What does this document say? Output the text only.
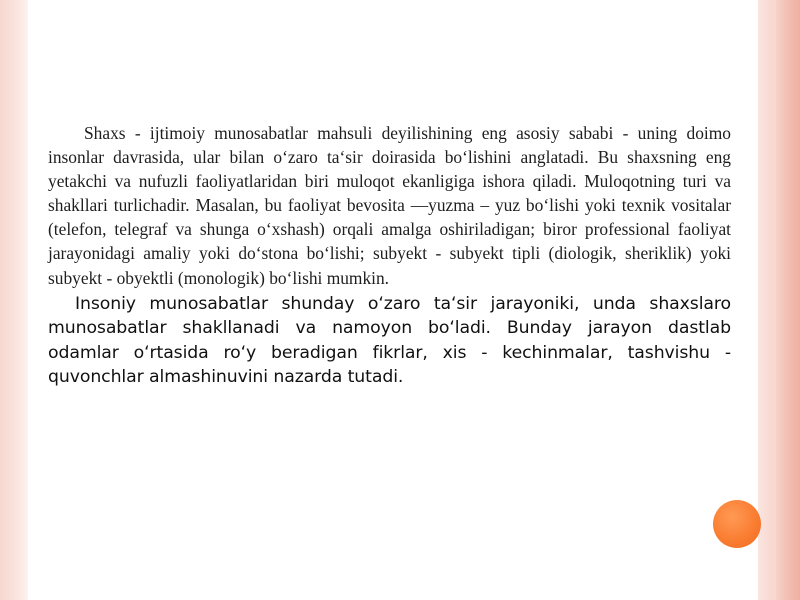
Shaxs - ijtimoiy munosabatlar mahsuli deyilishining eng asosiy sababi - uning doimo insonlar davrasida, ular bilan oʻzaro taʻsir doirasida boʻlishini anglatadi. Bu shaxsning eng yetakchi va nufuzli faoliyatlaridan biri muloqot ekanligiga ishora qiladi. Muloqotning turi va shakllari turlichadir. Masalan, bu faoliyat bevosita —yuzma – yuz boʻlishi yoki texnik vositalar (telefon, telegraf va shunga oʻxshash) orqali amalga oshiriladigan; biror professional faoliyat jarayonidagi amaliy yoki doʻstona boʻlishi; subyekt - subyekt tipli (diologik, sheriklik) yoki subyekt - obyektli (monologik) boʻlishi mumkin.

Insoniy munosabatlar shunday oʻzaro taʻsir jarayoniki, unda shaxslaro munosabatlar shakllanadi va namoyon boʻladi. Bunday jarayon dastlab odamlar oʻrtasida roʻy beradigan fikrlar, xis - kechinmalar, tashvishu - quvonchlar almashinuvini nazarda tutadi.
